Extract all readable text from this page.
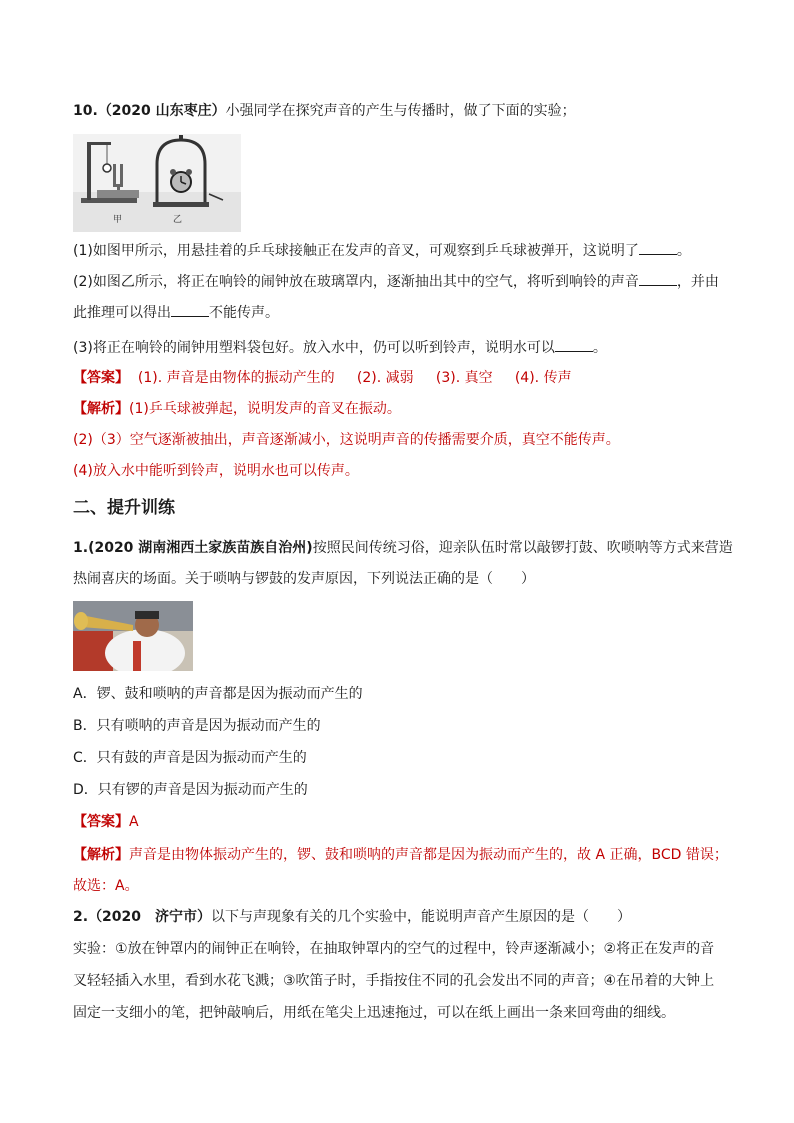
10.（2020 山东枣庄）小强同学在探究声音的产生与传播时，做了下面的实验；
甲	乙
(1)如图甲所示，用悬挂着的乒乓球接触正在发声的音叉，可观察到乒乓球被弹开，这说明了	。
(2)如图乙所示，将正在响铃的闹钟放在玻璃罩内，逐渐抽出其中的空气，将听到响铃的声音	，并由
此推理可以得出	不能传声。
(3)将正在响铃的闹钟用塑料袋包好。放入水中，仍可以听到铃声，说明水可以	。
【答案】  (1). 声音是由物体的振动产生的     (2). 减弱     (3). 真空     (4). 传声
【解析】(1)乒乓球被弹起，说明发声的音叉在振动。
(2)（3）空气逐渐被抽出，声音逐渐减小，这说明声音的传播需要介质，真空不能传声。
(4)放入水中能听到铃声，说明水也可以传声。
二、提升训练
1.(2020 湖南湘西土家族苗族自治州)按照民间传统习俗，迎亲队伍时常以敲锣打鼓、吹唢呐等方式来营造
热闹喜庆的场面。关于唢呐与锣鼓的发声原因，下列说法正确的是（　　）
A．锣、鼓和唢呐的声音都是因为振动而产生的
B．只有唢呐的声音是因为振动而产生的
C．只有鼓的声音是因为振动而产生的
D．只有锣的声音是因为振动而产生的
【答案】A
【解析】声音是由物体振动产生的，锣、鼓和唢呐的声音都是因为振动而产生的，故 A 正确，BCD 错误；
故选：A。
2.（2020　济宁市）以下与声现象有关的几个实验中，能说明声音产生原因的是（　　）
实验：①放在钟罩内的闹钟正在响铃，在抽取钟罩内的空气的过程中，铃声逐渐减小；②将正在发声的音
叉轻轻插入水里，看到水花飞溅；③吹笛子时，手指按住不同的孔会发出不同的声音；④在吊着的大钟上
固定一支细小的笔，把钟敲响后，用纸在笔尖上迅速拖过，可以在纸上画出一条来回弯曲的细线。
